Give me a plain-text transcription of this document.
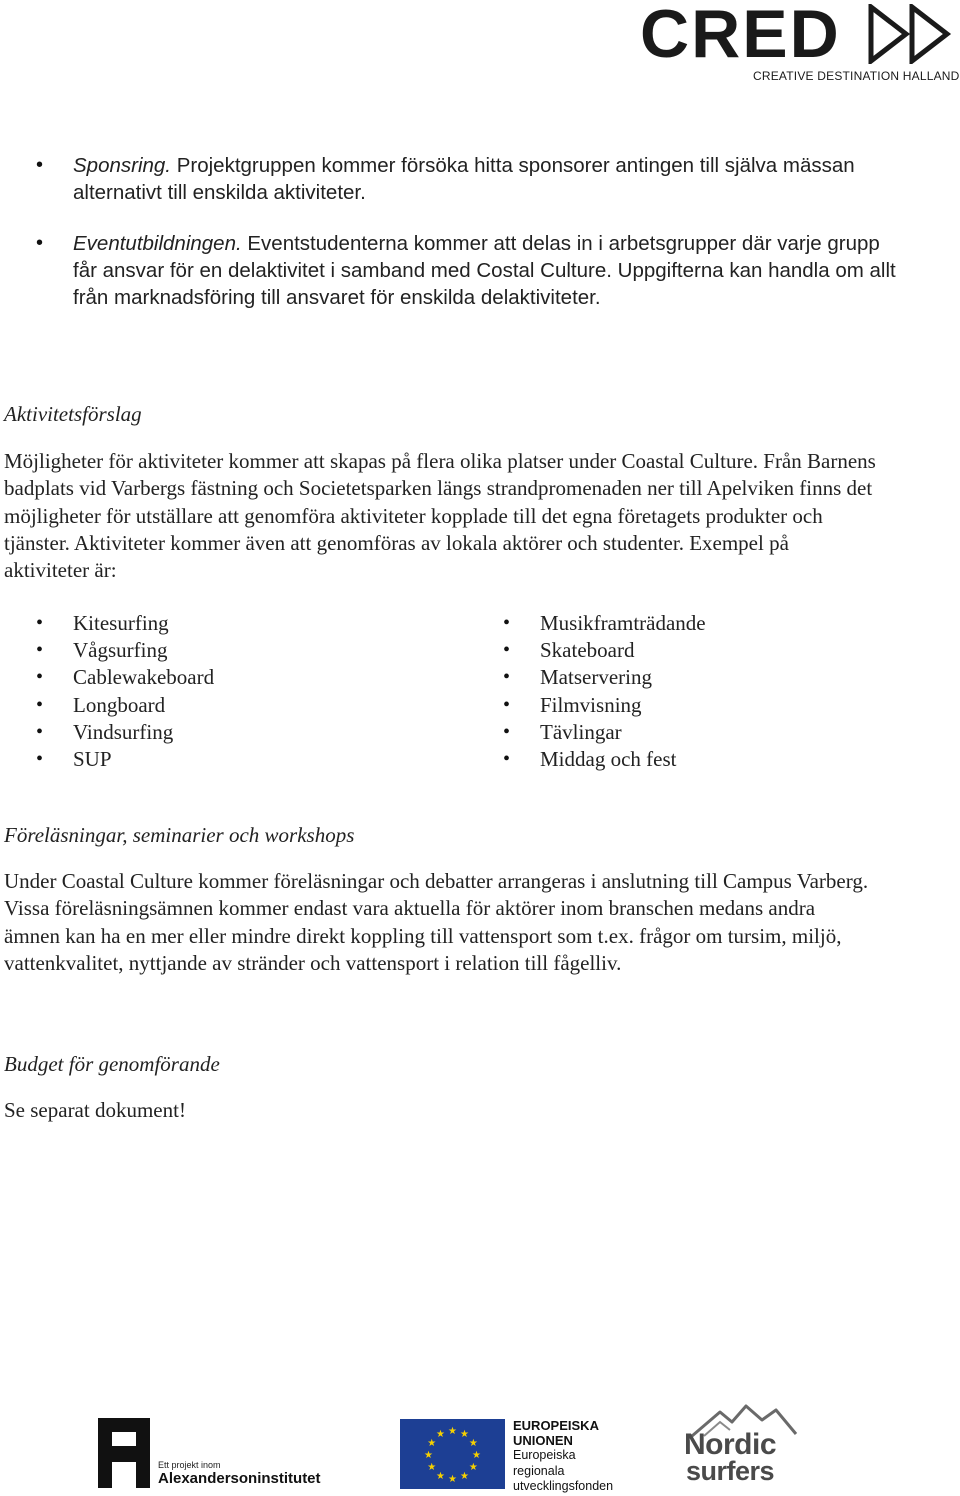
CRED
CREATIVE DESTINATION HALLAND
• Sponsring. Projektgruppen kommer försöka hitta sponsorer antingen till själva mässan alternativt till enskilda aktiviteter.
• Eventutbildningen. Eventstudenterna kommer att delas in i arbetsgrupper där varje grupp får ansvar för en delaktivitet i samband med Costal Culture. Uppgifterna kan handla om allt från marknadsföring till ansvaret för enskilda delaktiviteter.
Aktivitetsförslag
Möjligheter för aktiviteter kommer att skapas på flera olika platser under Coastal Culture. Från Barnens badplats vid Varbergs fästning och Societetsparken längs strandpromenaden ner till Apelviken finns det möjligheter för utställare att genomföra aktiviteter kopplade till det egna företagets produkter och tjänster. Aktiviteter kommer även att genomföras av lokala aktörer och studenter. Exempel på aktiviteter är:
• Kitesurfing
• Vågsurfing
• Cablewakeboard
• Longboard
• Vindsurfing
• SUP
• Musikframträdande
• Skateboard
• Matservering
• Filmvisning
• Tävlingar
• Middag och fest
Föreläsningar, seminarier och workshops
Under Coastal Culture kommer föreläsningar och debatter arrangeras i anslutning till Campus Varberg. Vissa föreläsningsämnen kommer endast vara aktuella för aktörer inom branschen medans andra ämnen kan ha en mer eller mindre direkt koppling till vattensport som t.ex. frågor om tursim, miljö, vattenkvalitet, nyttjande av stränder och vattensport i relation till fågelliv.
Budget för genomförande
Se separat dokument!
Ett projekt inom
Alexandersoninstitutet
★ ★
★
★
★
★
★
★
★
★
★
★
EUROPEISKA
UNIONEN
Europeiska
regionala
utvecklingsfonden
Nordic
surfers
